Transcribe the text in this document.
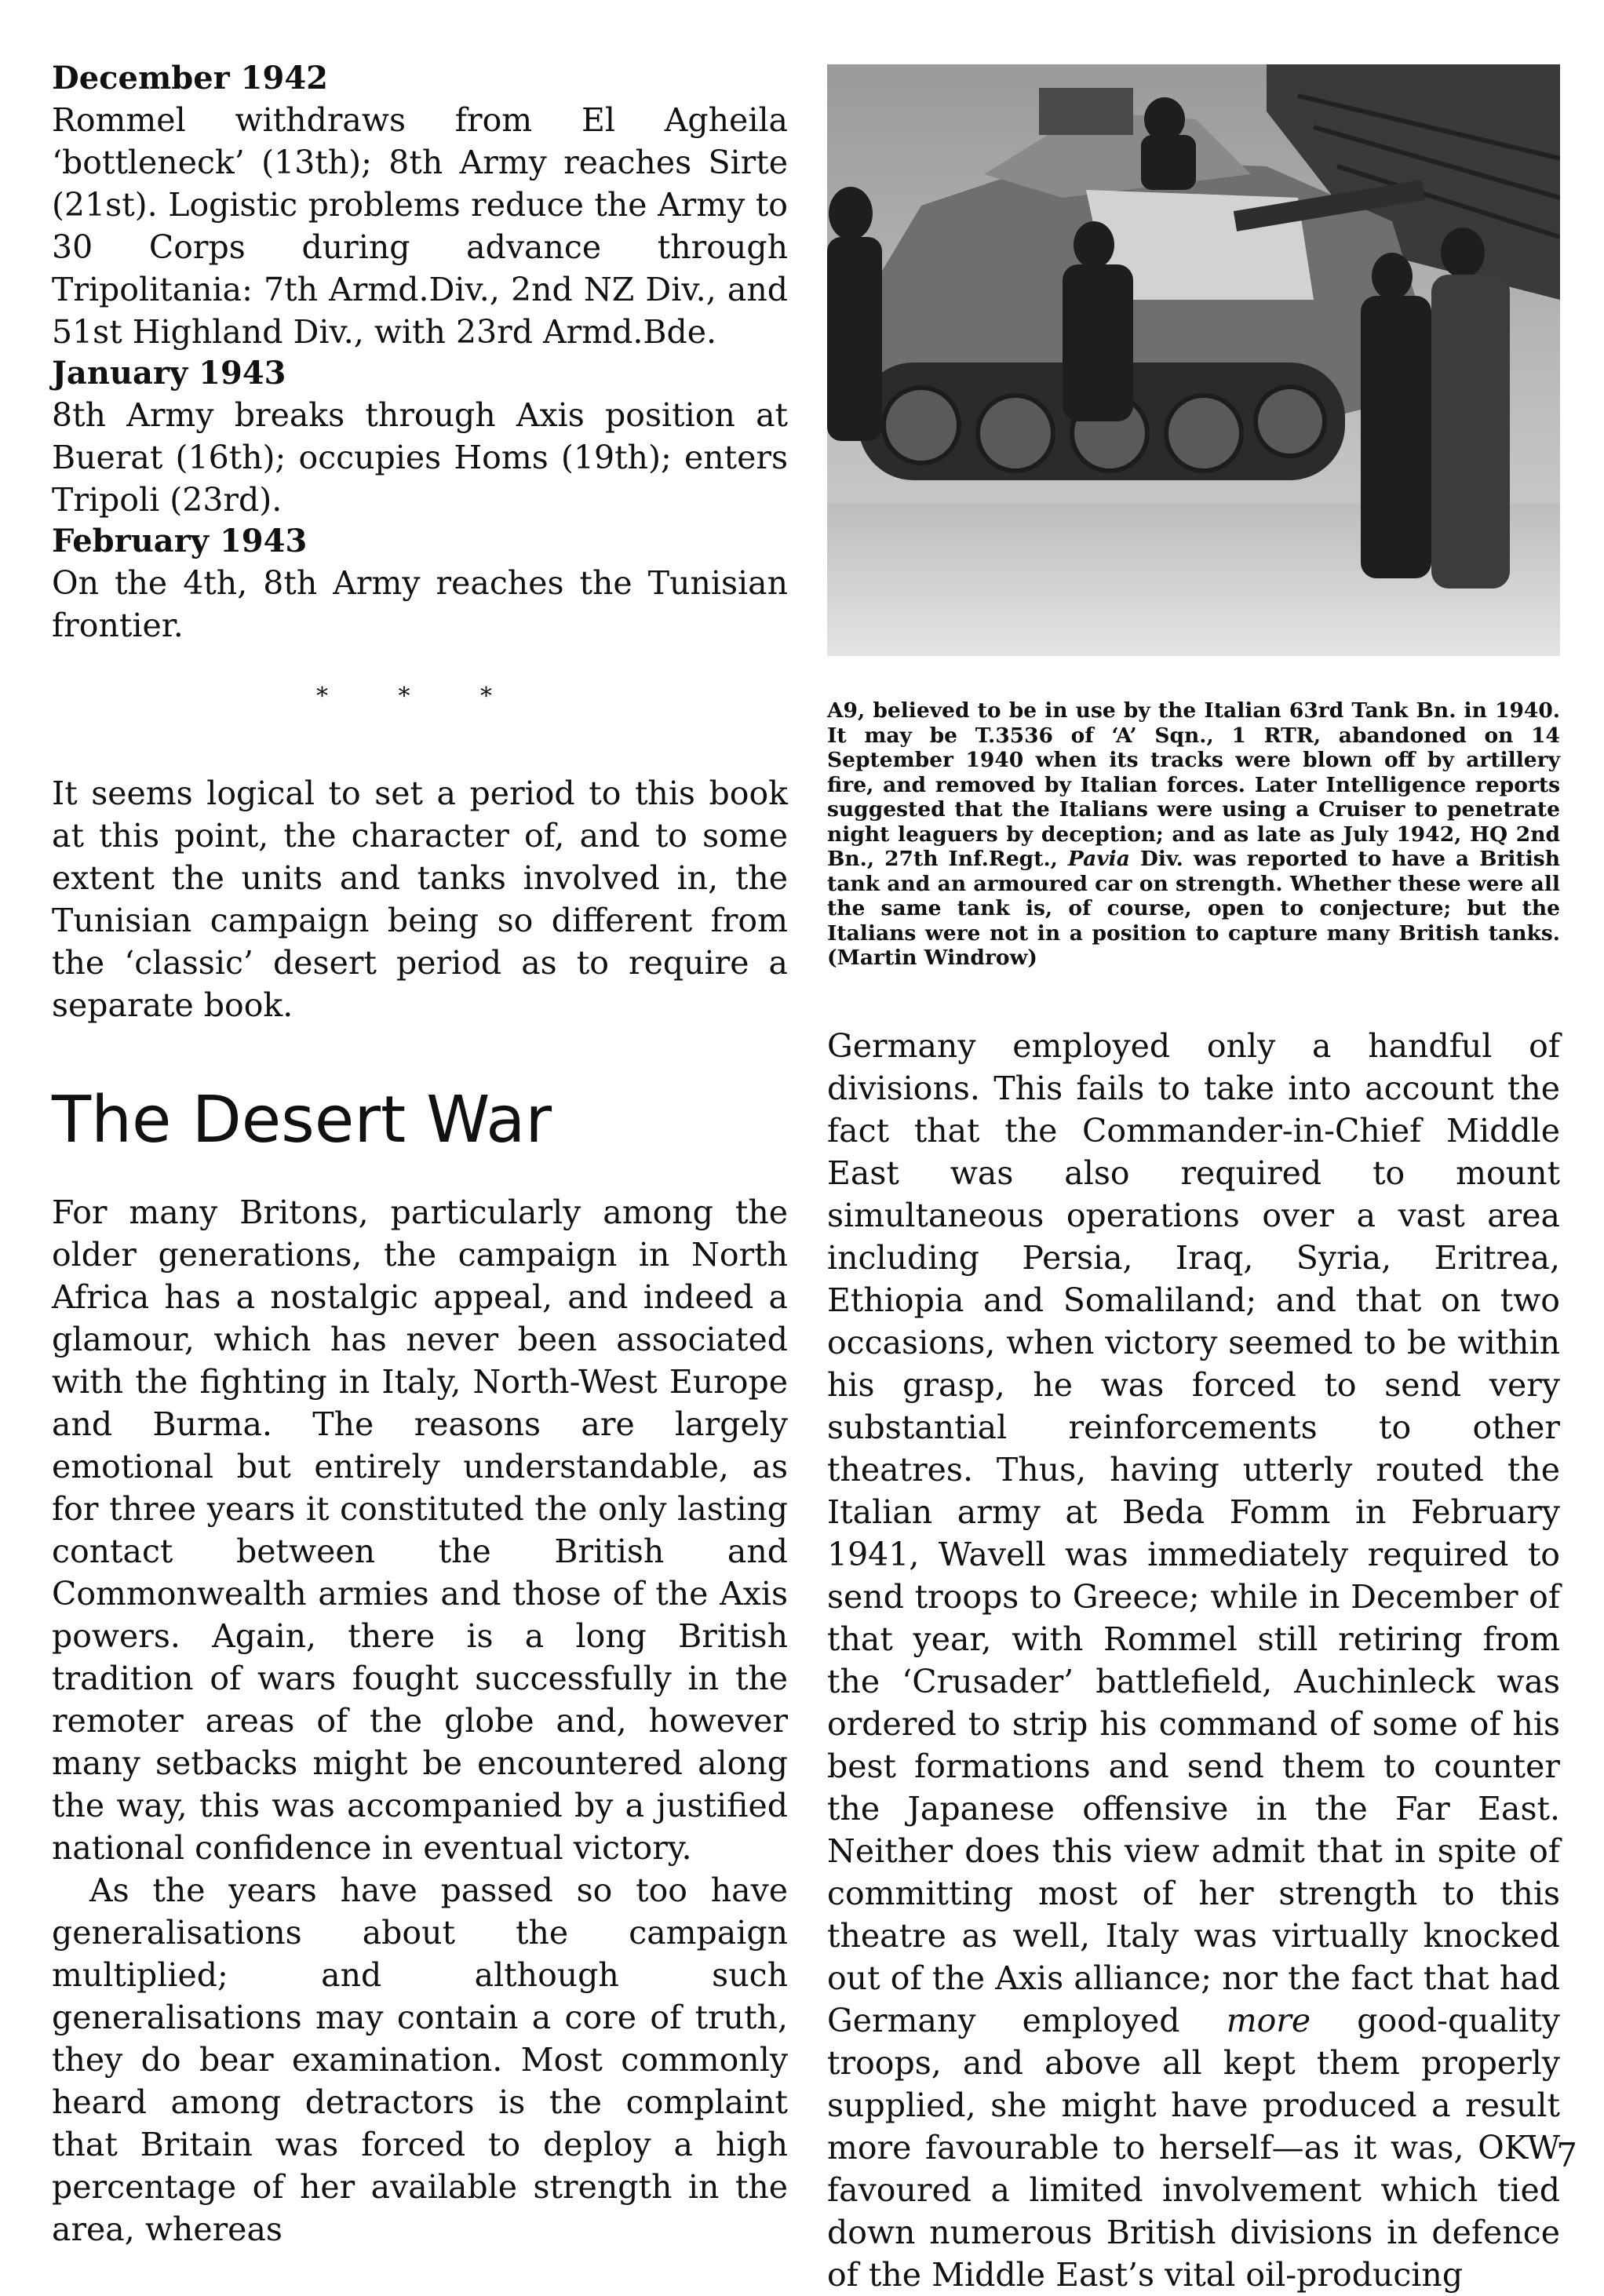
December 1942

Rommel withdraws from El Agheila ‘bottleneck’ (13th); 8th Army reaches Sirte (21st). Logistic problems reduce the Army to 30 Corps during advance through Tripolitania: 7th Armd.Div., 2nd NZ Div., and 51st Highland Div., with 23rd Armd.Bde.

January 1943

8th Army breaks through Axis position at Buerat (16th); occupies Homs (19th); enters Tripoli (23rd).

February 1943

On the 4th, 8th Army reaches the Tunisian frontier.

* * *

It seems logical to set a period to this book at this point, the character of, and to some extent the units and tanks involved in, the Tunisian campaign being so different from the ‘classic’ desert period as to require a separate book.

A9, believed to be in use by the Italian 63rd Tank Bn. in 1940. It may be T.3536 of ‘A’ Sqn., 1 RTR, abandoned on 14 September 1940 when its tracks were blown off by artillery fire, and removed by Italian forces. Later Intelligence reports suggested that the Italians were using a Cruiser to penetrate night leaguers by deception; and as late as July 1942, HQ 2nd Bn., 27th Inf.Regt., Pavia Div. was reported to have a British tank and an armoured car on strength. Whether these were all the same tank is, of course, open to conjecture; but the Italians were not in a position to capture many British tanks. (Martin Windrow)

The Desert War

For many Britons, particularly among the older generations, the campaign in North Africa has a nostalgic appeal, and indeed a glamour, which has never been associated with the fighting in Italy, North-West Europe and Burma. The reasons are largely emotional but entirely understandable, as for three years it constituted the only lasting contact between the British and Commonwealth armies and those of the Axis powers. Again, there is a long British tradition of wars fought successfully in the remoter areas of the globe and, however many setbacks might be encountered along the way, this was accompanied by a justified national confidence in eventual victory.

As the years have passed so too have generalisations about the campaign multiplied; and although such generalisations may contain a core of truth, they do bear examination. Most commonly heard among detractors is the complaint that Britain was forced to deploy a high percentage of her available strength in the area, whereas

Germany employed only a handful of divisions. This fails to take into account the fact that the Commander-in-Chief Middle East was also required to mount simultaneous operations over a vast area including Persia, Iraq, Syria, Eritrea, Ethiopia and Somaliland; and that on two occasions, when victory seemed to be within his grasp, he was forced to send very substantial reinforcements to other theatres. Thus, having utterly routed the Italian army at Beda Fomm in February 1941, Wavell was immediately required to send troops to Greece; while in December of that year, with Rommel still retiring from the ‘Crusader’ battlefield, Auchinleck was ordered to strip his command of some of his best formations and send them to counter the Japanese offensive in the Far East. Neither does this view admit that in spite of committing most of her strength to this theatre as well, Italy was virtually knocked out of the Axis alliance; nor the fact that had Germany employed more good-quality troops, and above all kept them properly supplied, she might have produced a result more favourable to herself—as it was, OKW favoured a limited involvement which tied down numerous British divisions in defence of the Middle East’s vital oil-producing

7
